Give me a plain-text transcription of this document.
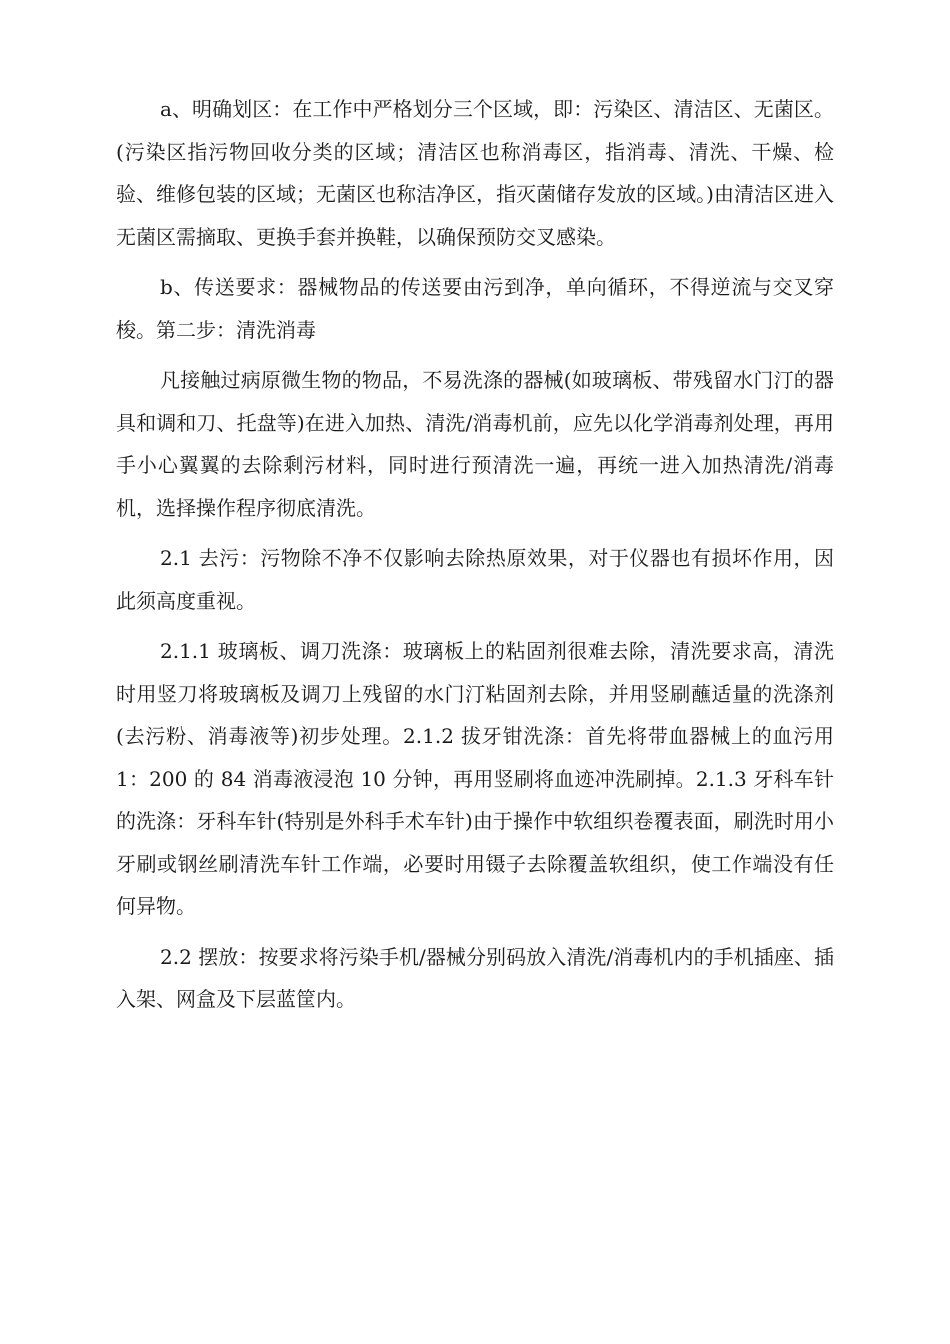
a、明确划区：在工作中严格划分三个区域，即：污染区、清洁区、无菌区。(污染区指污物回收分类的区域；清洁区也称消毒区，指消毒、清洗、干燥、检验、维修包装的区域；无菌区也称洁净区，指灭菌储存发放的区域。)由清洁区进入无菌区需摘取、更换手套并换鞋，以确保预防交叉感染。

b、传送要求：器械物品的传送要由污到净，单向循环，不得逆流与交叉穿梭。第二步：清洗消毒

凡接触过病原微生物的物品，不易洗涤的器械(如玻璃板、带残留水门汀的器具和调和刀、托盘等)在进入加热、清洗/消毒机前，应先以化学消毒剂处理，再用手小心翼翼的去除剩污材料，同时进行预清洗一遍，再统一进入加热清洗/消毒机，选择操作程序彻底清洗。

2.1 去污：污物除不净不仅影响去除热原效果，对于仪器也有损坏作用，因此须高度重视。

2.1.1 玻璃板、调刀洗涤：玻璃板上的粘固剂很难去除，清洗要求高，清洗时用竖刀将玻璃板及调刀上残留的水门汀粘固剂去除，并用竖刷蘸适量的洗涤剂(去污粉、消毒液等)初步处理。2.1.2 拔牙钳洗涤：首先将带血器械上的血污用 1：200 的 84 消毒液浸泡 10 分钟，再用竖刷将血迹冲洗刷掉。2.1.3 牙科车针的洗涤：牙科车针(特别是外科手术车针)由于操作中软组织卷覆表面，刷洗时用小牙刷或钢丝刷清洗车针工作端，必要时用镊子去除覆盖软组织，使工作端没有任何异物。

2.2 摆放：按要求将污染手机/器械分别码放入清洗/消毒机内的手机插座、插入架、网盒及下层蓝筐内。
